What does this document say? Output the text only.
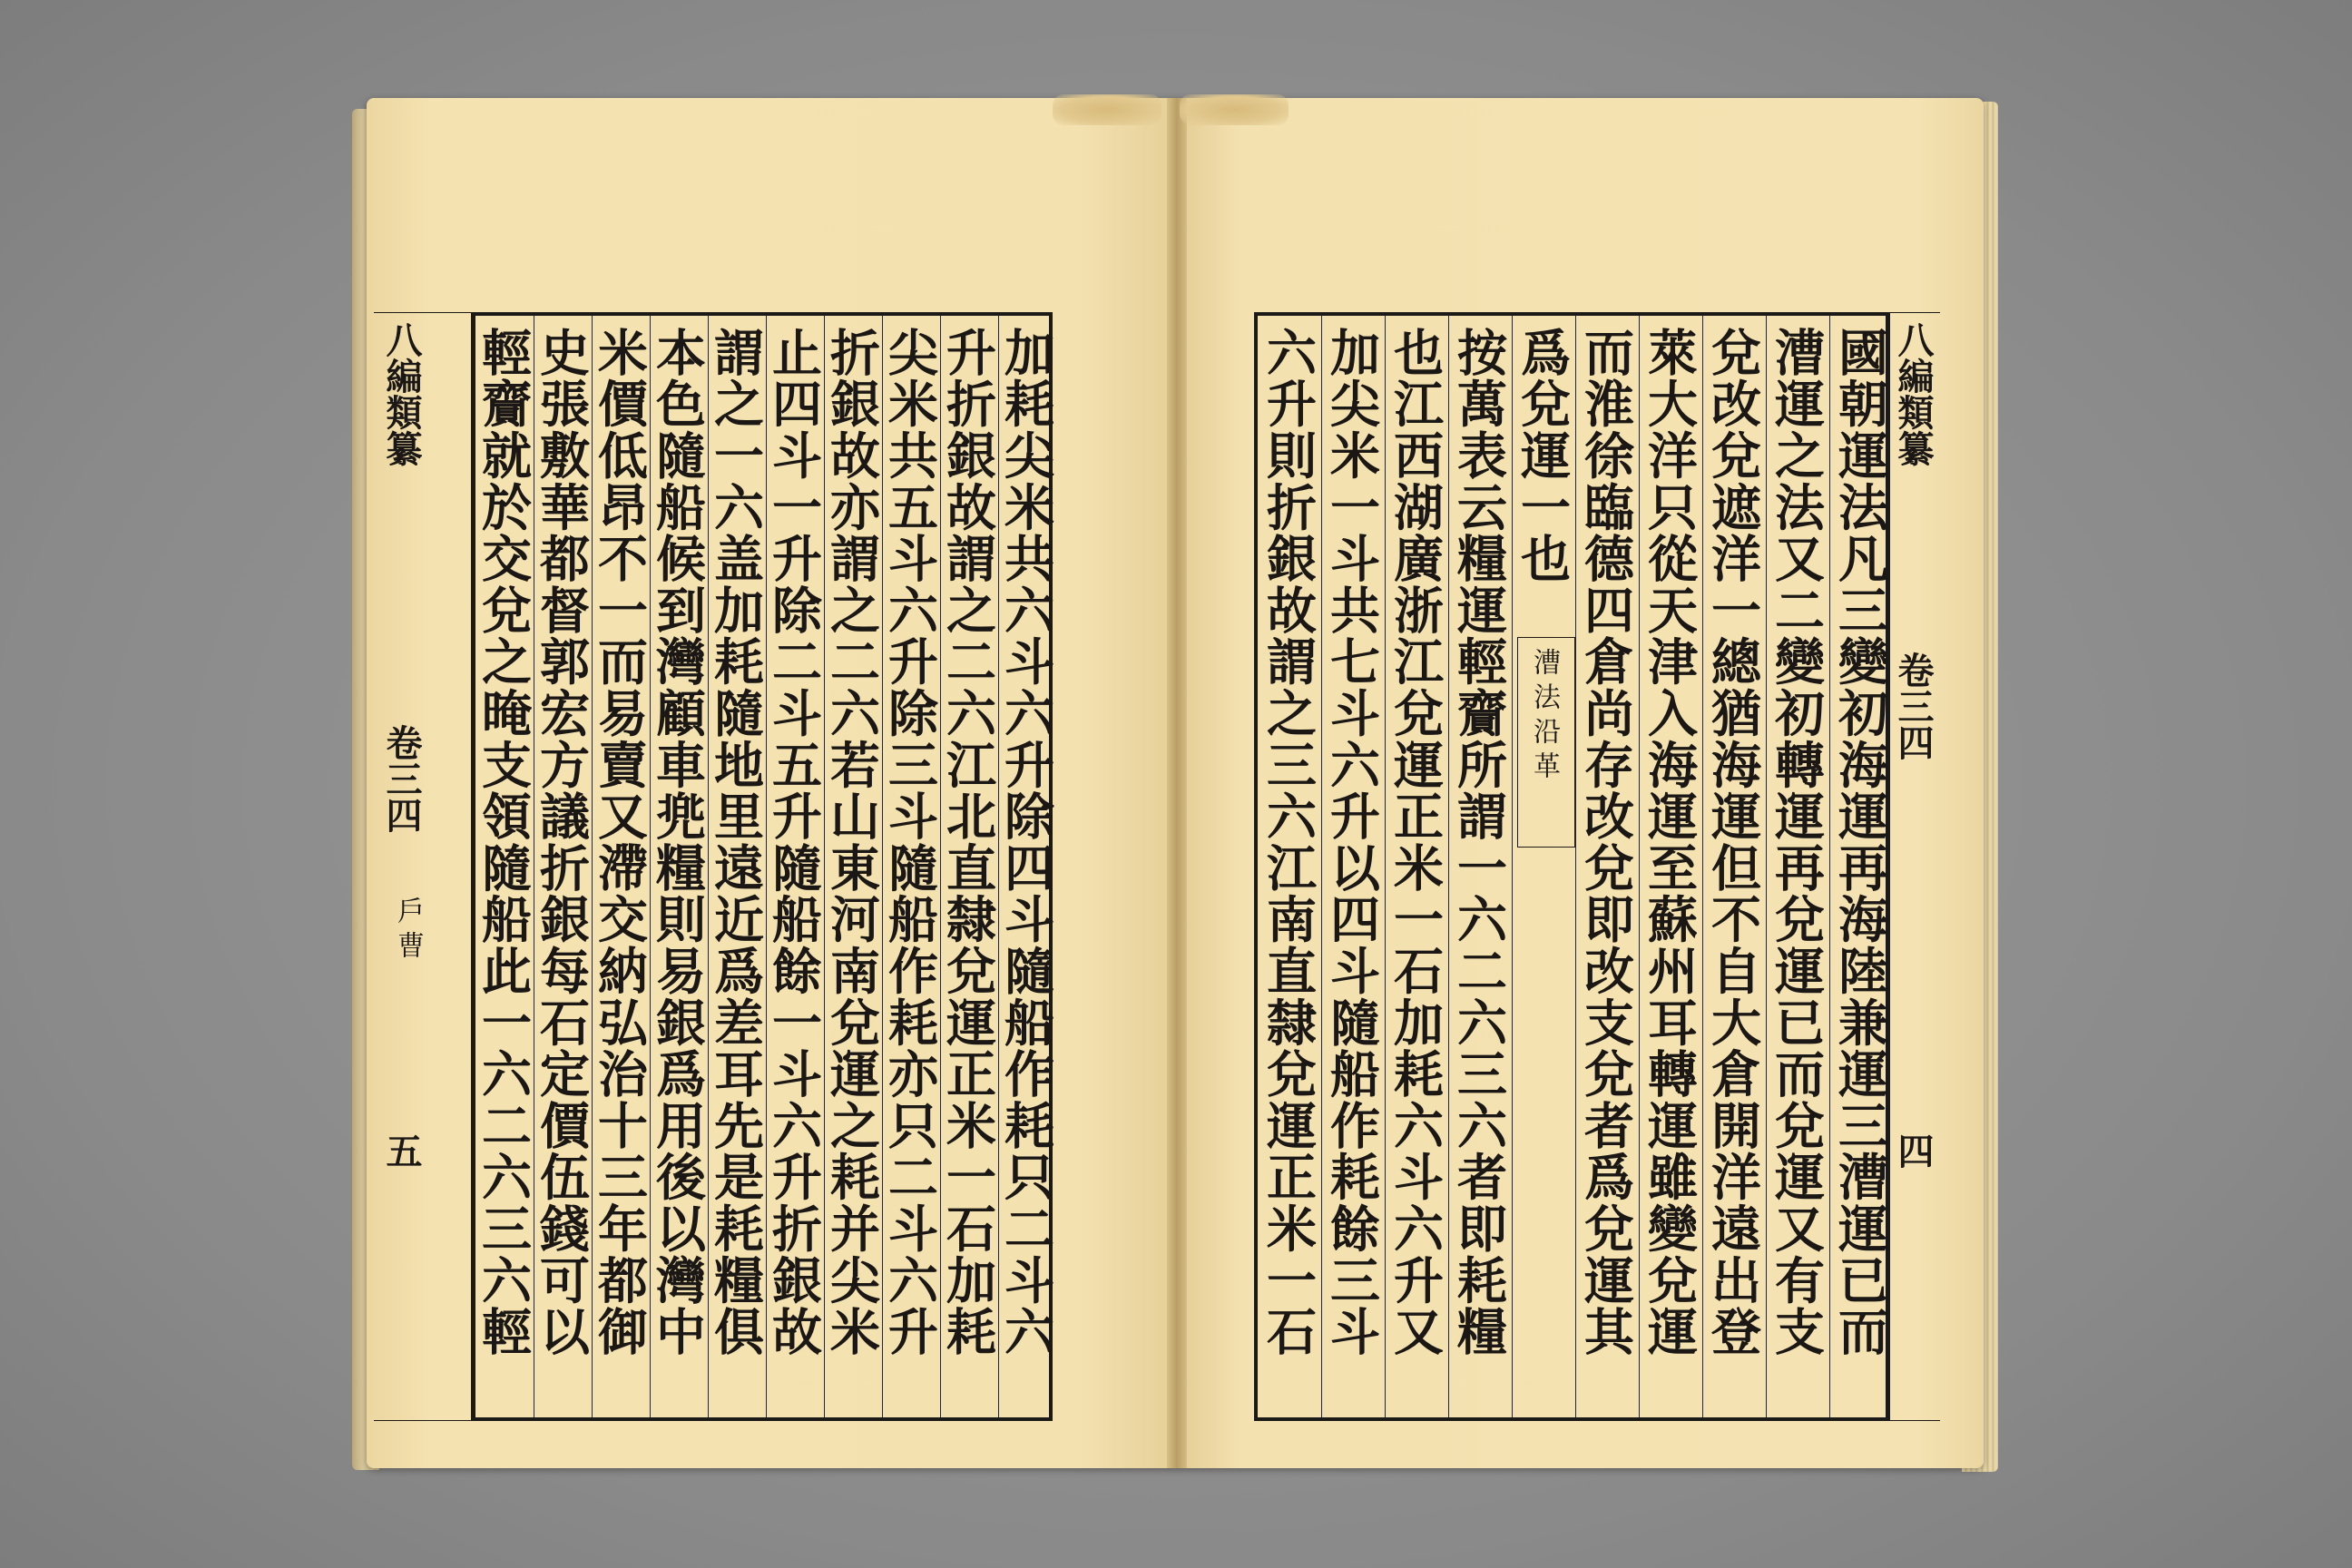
加耗尖米共六斗六升除四斗隨船作耗只二斗六
升折銀故謂之二六江北直隸兌運正米一石加耗
尖米共五斗六升除三斗隨船作耗亦只二斗六升
折銀故亦謂之二六若山東河南兌運之耗并尖米
止四斗一升除二斗五升隨船餘一斗六升折銀故
謂之一六盖加耗隨地里遠近爲差耳先是耗糧俱
本色隨船候到灣顧車兠糧則易銀爲用後以灣中
米價低昂不一而易賣又滯交納弘治十三年都御
史張敷華都督郭宏方議折銀每石定價伍錢可以
輕齎就於交兌之晻支領隨船此一六二六三六輕
八編類纂
卷三四
戶曹
五	國朝運法凡三變初海運再海陸兼運三漕運已而
漕運之法又二變初轉運再兌運已而兌運又有支
兌改兌遮洋一總猶海運但不自大倉開洋遠出登
萊大洋只從天津入海運至蘇州耳轉運雖變兌運
而淮徐臨德四倉尚存改兌即改支兌者爲兌運其
爲兌運一也
漕法沿革
按萬表云糧運輕齎所謂一六二六三六者即耗糧
也江西湖廣浙江兌運正米一石加耗六斗六升又
加尖米一斗共七斗六升以四斗隨船作耗餘三斗
六升則折銀故謂之三六江南直隸兌運正米一石	八編類纂
卷三四
四
